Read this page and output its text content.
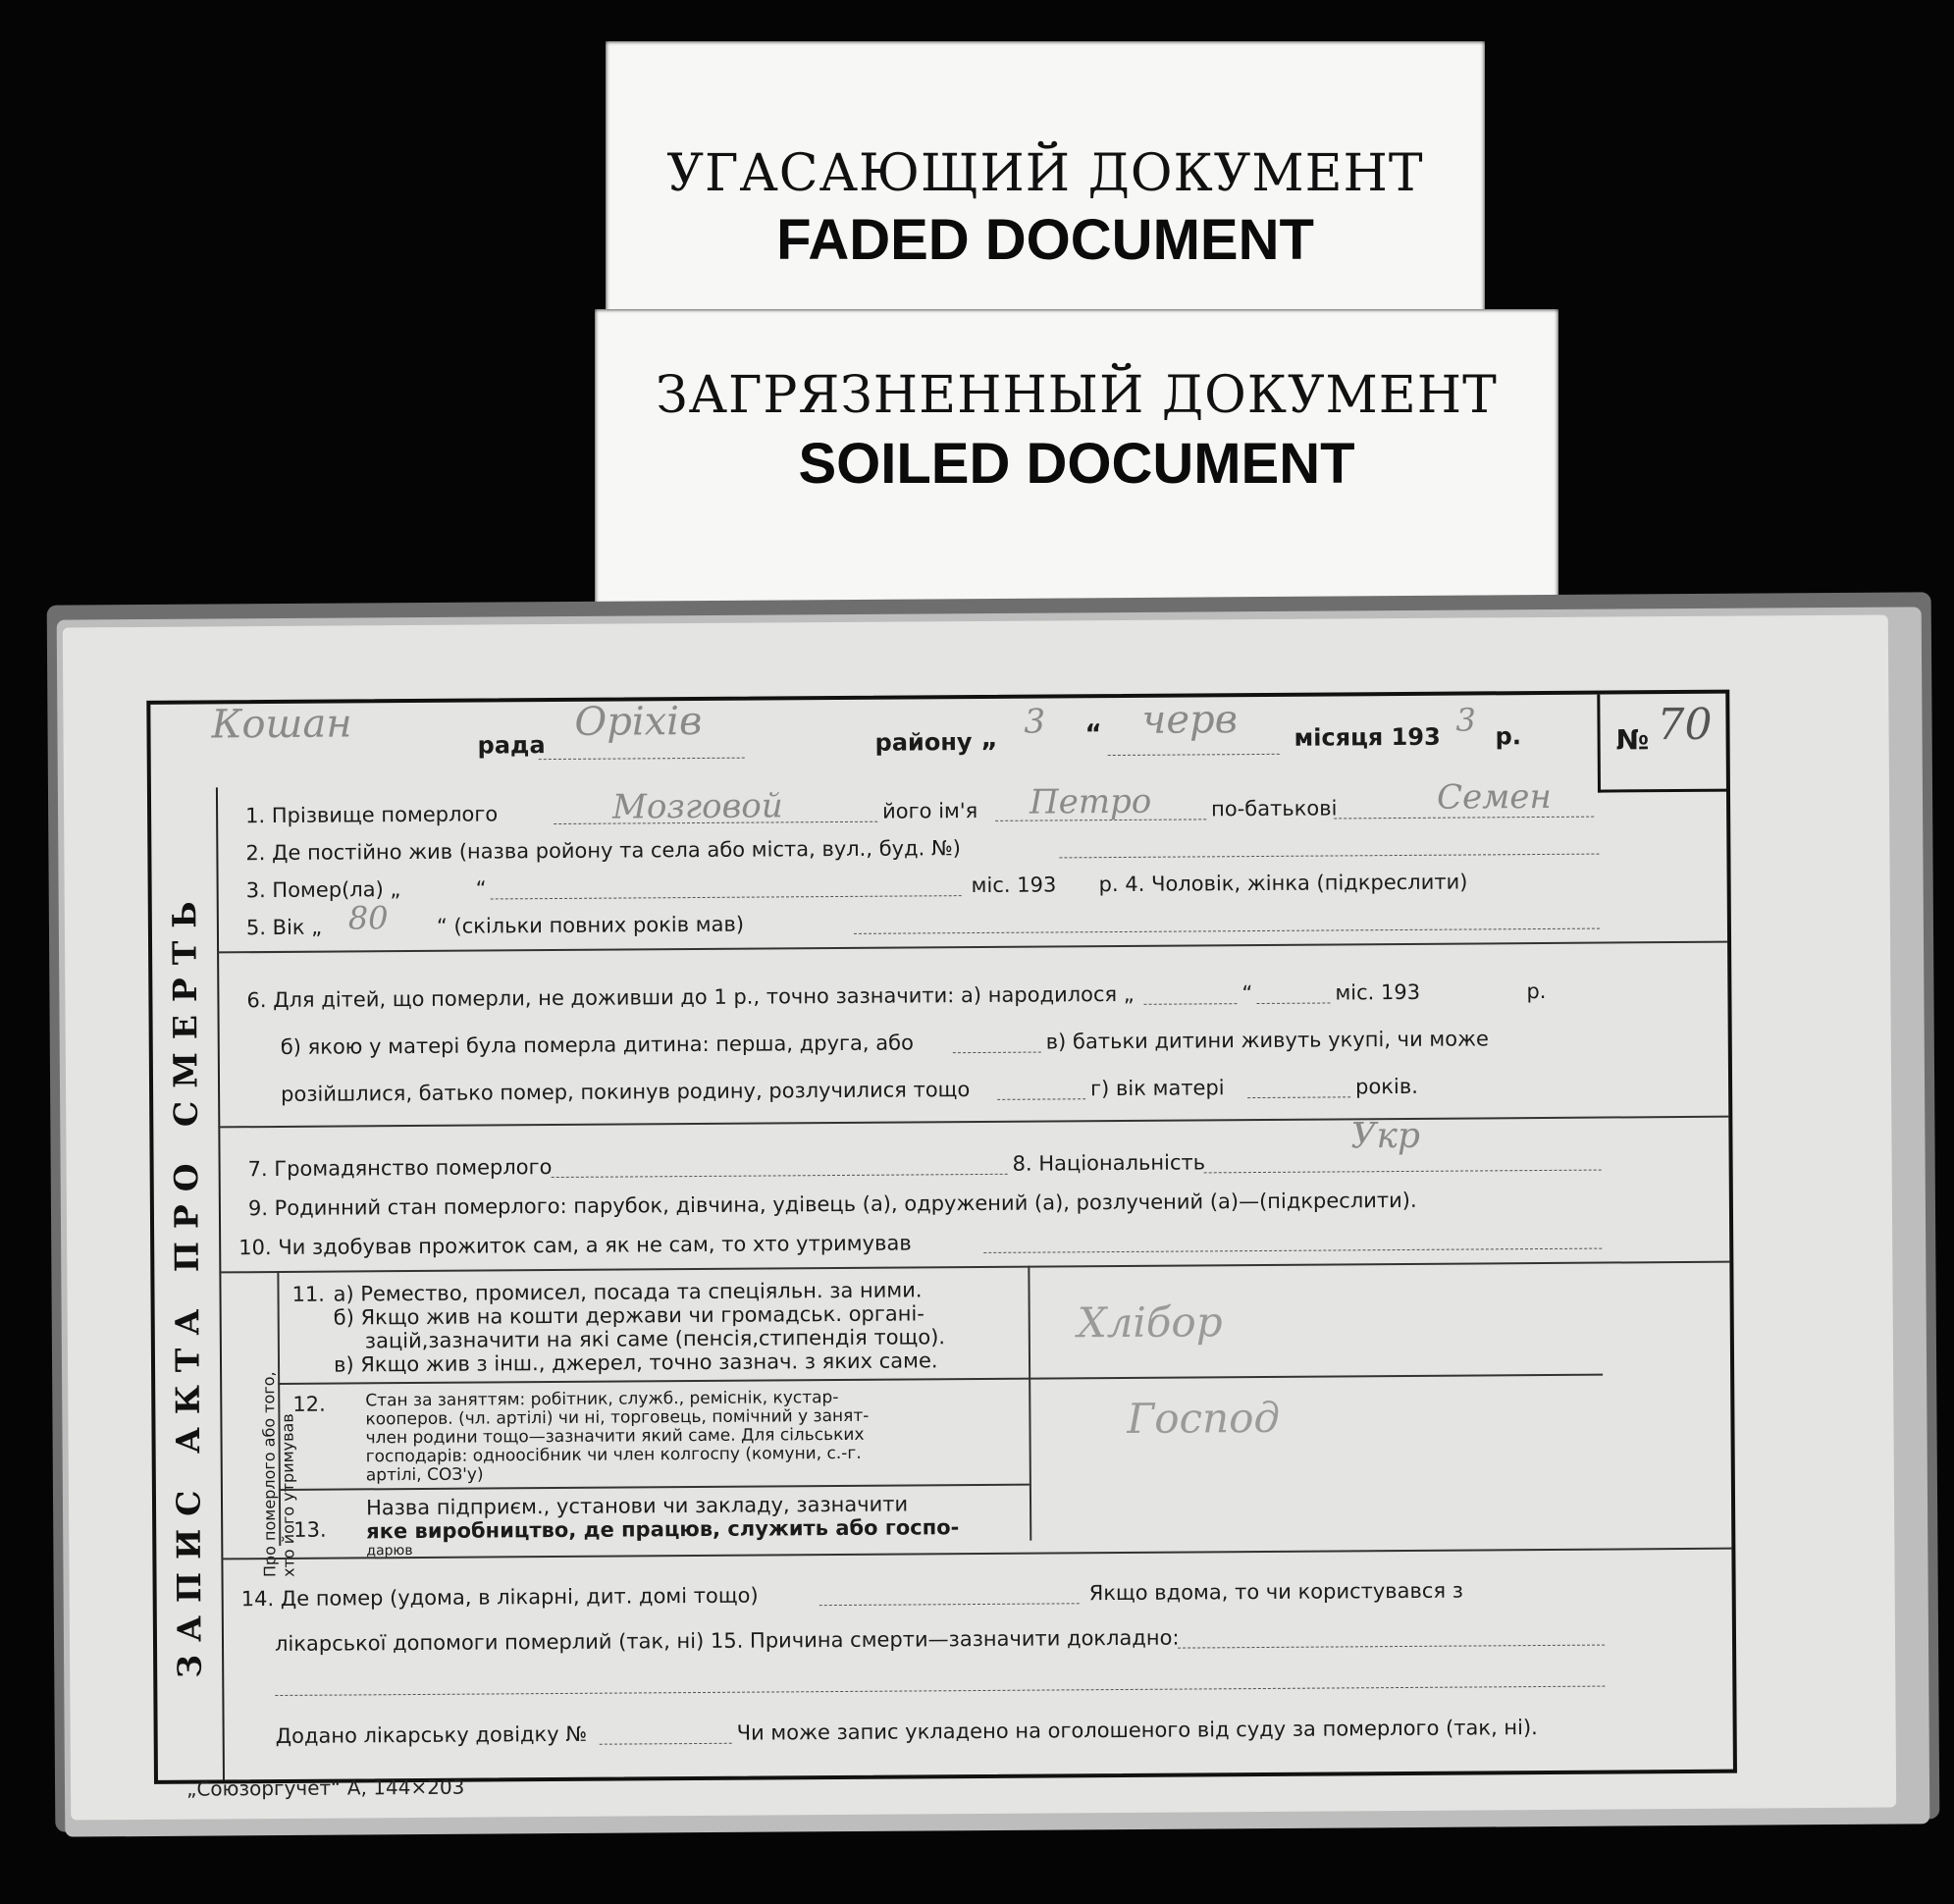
УГАСАЮЩИЙ ДОКУМЕНТ
FADED DOCUMENT
ЗАГРЯЗНЕННЫЙ ДОКУМЕНТ
SOILED DOCUMENT
Кошан	рада
Оріхів	району „ 3 “ черв місяця 193 3 р.	№ 70
ЗАПИС АКТА ПРО СМЕРТЬ
1. Прізвище померлого	Мозговой	його ім'я Петро	по-батькові	Семен
2. Де постійно жив (назва ройону та села або міста, вул., буд. №)
3. Помер(ла) „	“	міс. 193 р. 4. Чоловік, жінка (підкреслити)
5. Вік „ 80 “ (скільки повних років мав)
6. Для дітей, що померли, не доживши до 1 р., точно зазначити: а) народилося „	“	міс. 193	р.
б) якою у матері була померла дитина: перша, друга, або	в) батьки дитини живуть укупі, чи може
розійшлися, батько помер, покинув родину, розлучилися тощо	г) вік матері	років.
7. Громадянство померлого	8. Національність
Укр
9. Родинний стан померлого: парубок, дівчина, удівець (а), одружений (а), розлучений (а)—(підкреслити).
10. Чи здобував прожиток сам, а як не сам, то хто утримував
Про померлого або того,
хто його утримував
11. а) Ремество, промисел, посада та спеціяльн. за ними.
б) Якщо жив на кошти держави чи громадськ. органі-
зацій,зазначити на які саме (пенсія,стипендія тощо).
в) Якщо жив з інш., джерел, точно зазнач. з яких саме.
Хлібор
12. Стан за заняттям: робітник, служб., реміснік, кустар-
кооперов. (чл. артілі) чи ні, торговець, помічний у занят-
член родини тощо—зазначити який саме. Для сільських
господарів: одноосібник чи член колгоспу (комуни, с.-г.
артілі, СОЗ'у)
Господ
13.
Назва підприєм., установи чи закладу, зазначити
яке виробництво, де працюв, служить або госпо-
дарюв
14. Де помер (удома, в лікарні, дит. домі тощо)	Якщо вдома, то чи користувався з
лікарської допомоги померлий (так, ні) 15. Причина смерти—зазначити докладно:
Додано лікарську довідку №	Чи може запис укладено на оголошеного від суду за померлого (так, ні).
„Союзоргучет“ А, 144×203
